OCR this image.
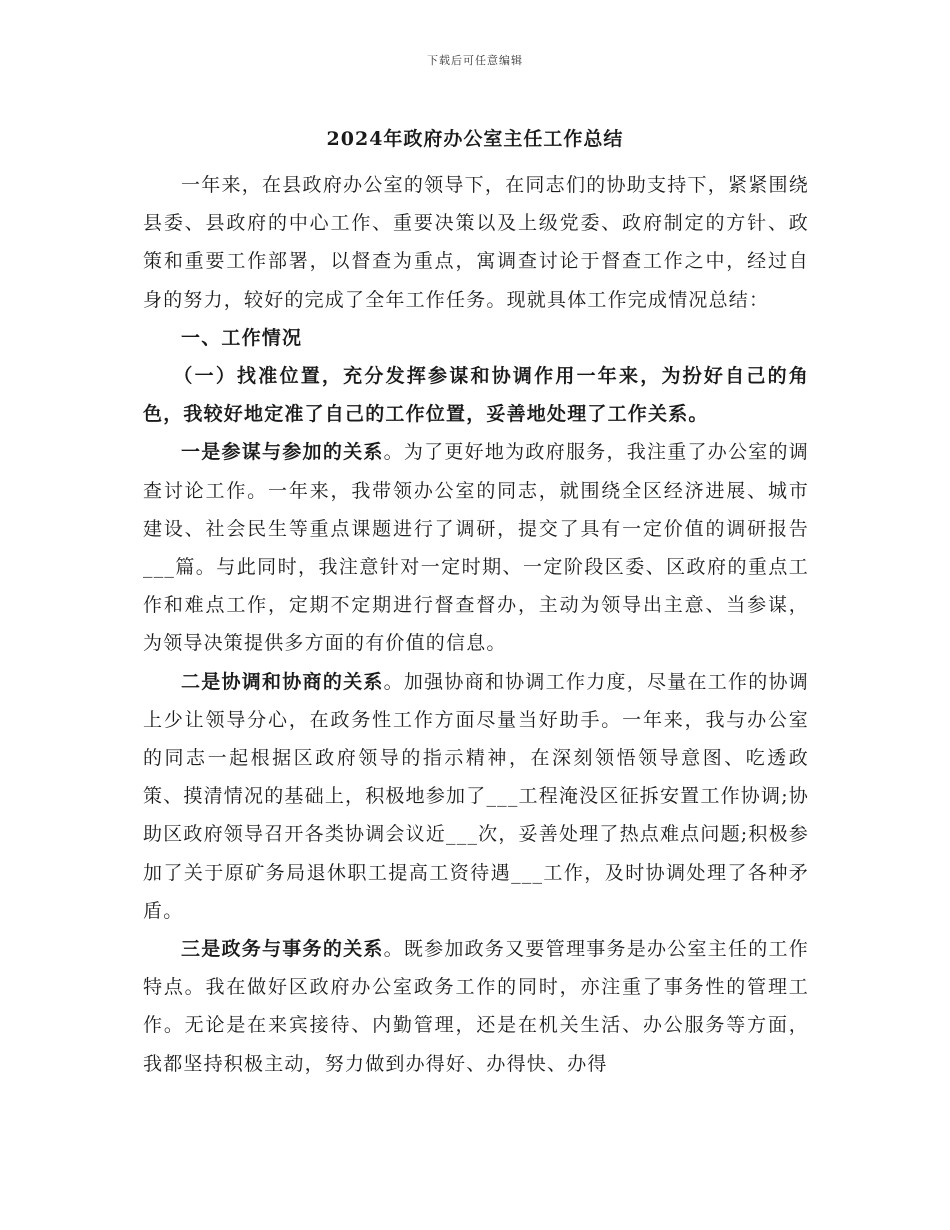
下载后可任意编辑
2024年政府办公室主任工作总结

一年来，在县政府办公室的领导下，在同志们的协助支持下，紧紧围绕县委、县政府的中心工作、重要决策以及上级党委、政府制定的方针、政策和重要工作部署，以督查为重点，寓调查讨论于督查工作之中，经过自身的努力，较好的完成了全年工作任务。现就具体工作完成情况总结：

一、工作情况

（一）找准位置，充分发挥参谋和协调作用一年来，为扮好自己的角色，我较好地定准了自己的工作位置，妥善地处理了工作关系。

一是参谋与参加的关系。为了更好地为政府服务，我注重了办公室的调查讨论工作。一年来，我带领办公室的同志，就围绕全区经济进展、城市建设、社会民生等重点课题进行了调研，提交了具有一定价值的调研报告___篇。与此同时，我注意针对一定时期、一定阶段区委、区政府的重点工作和难点工作，定期不定期进行督查督办，主动为领导出主意、当参谋，为领导决策提供多方面的有价值的信息。

二是协调和协商的关系。加强协商和协调工作力度，尽量在工作的协调上少让领导分心，在政务性工作方面尽量当好助手。一年来，我与办公室的同志一起根据区政府领导的指示精神，在深刻领悟领导意图、吃透政策、摸清情况的基础上，积极地参加了___工程淹没区征拆安置工作协调;协助区政府领导召开各类协调会议近___次，妥善处理了热点难点问题;积极参加了关于原矿务局退休职工提高工资待遇___工作，及时协调处理了各种矛盾。

三是政务与事务的关系。既参加政务又要管理事务是办公室主任的工作特点。我在做好区政府办公室政务工作的同时，亦注重了事务性的管理工作。无论是在来宾接待、内勤管理，还是在机关生活、办公服务等方面，我都坚持积极主动，努力做到办得好、办得快、办得
